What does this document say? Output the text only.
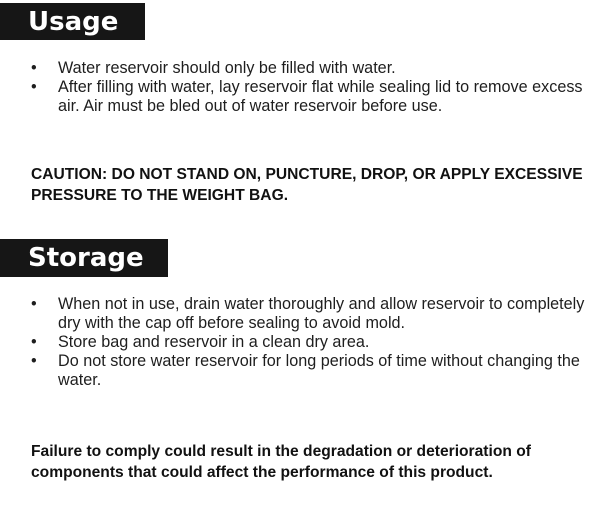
Usage
• Water reservoir should only be filled with water.
• After filling with water, lay reservoir flat while sealing lid to remove excess air. Air must be bled out of water reservoir before use.

CAUTION: DO NOT STAND ON, PUNCTURE, DROP, OR APPLY EXCESSIVE PRESSURE TO THE WEIGHT BAG.

Storage
• When not in use, drain water thoroughly and allow reservoir to completely dry with the cap off before sealing to avoid mold.
• Store bag and reservoir in a clean dry area.
• Do not store water reservoir for long periods of time without changing the water.

Failure to comply could result in the degradation or deterioration of components that could affect the performance of this product.
